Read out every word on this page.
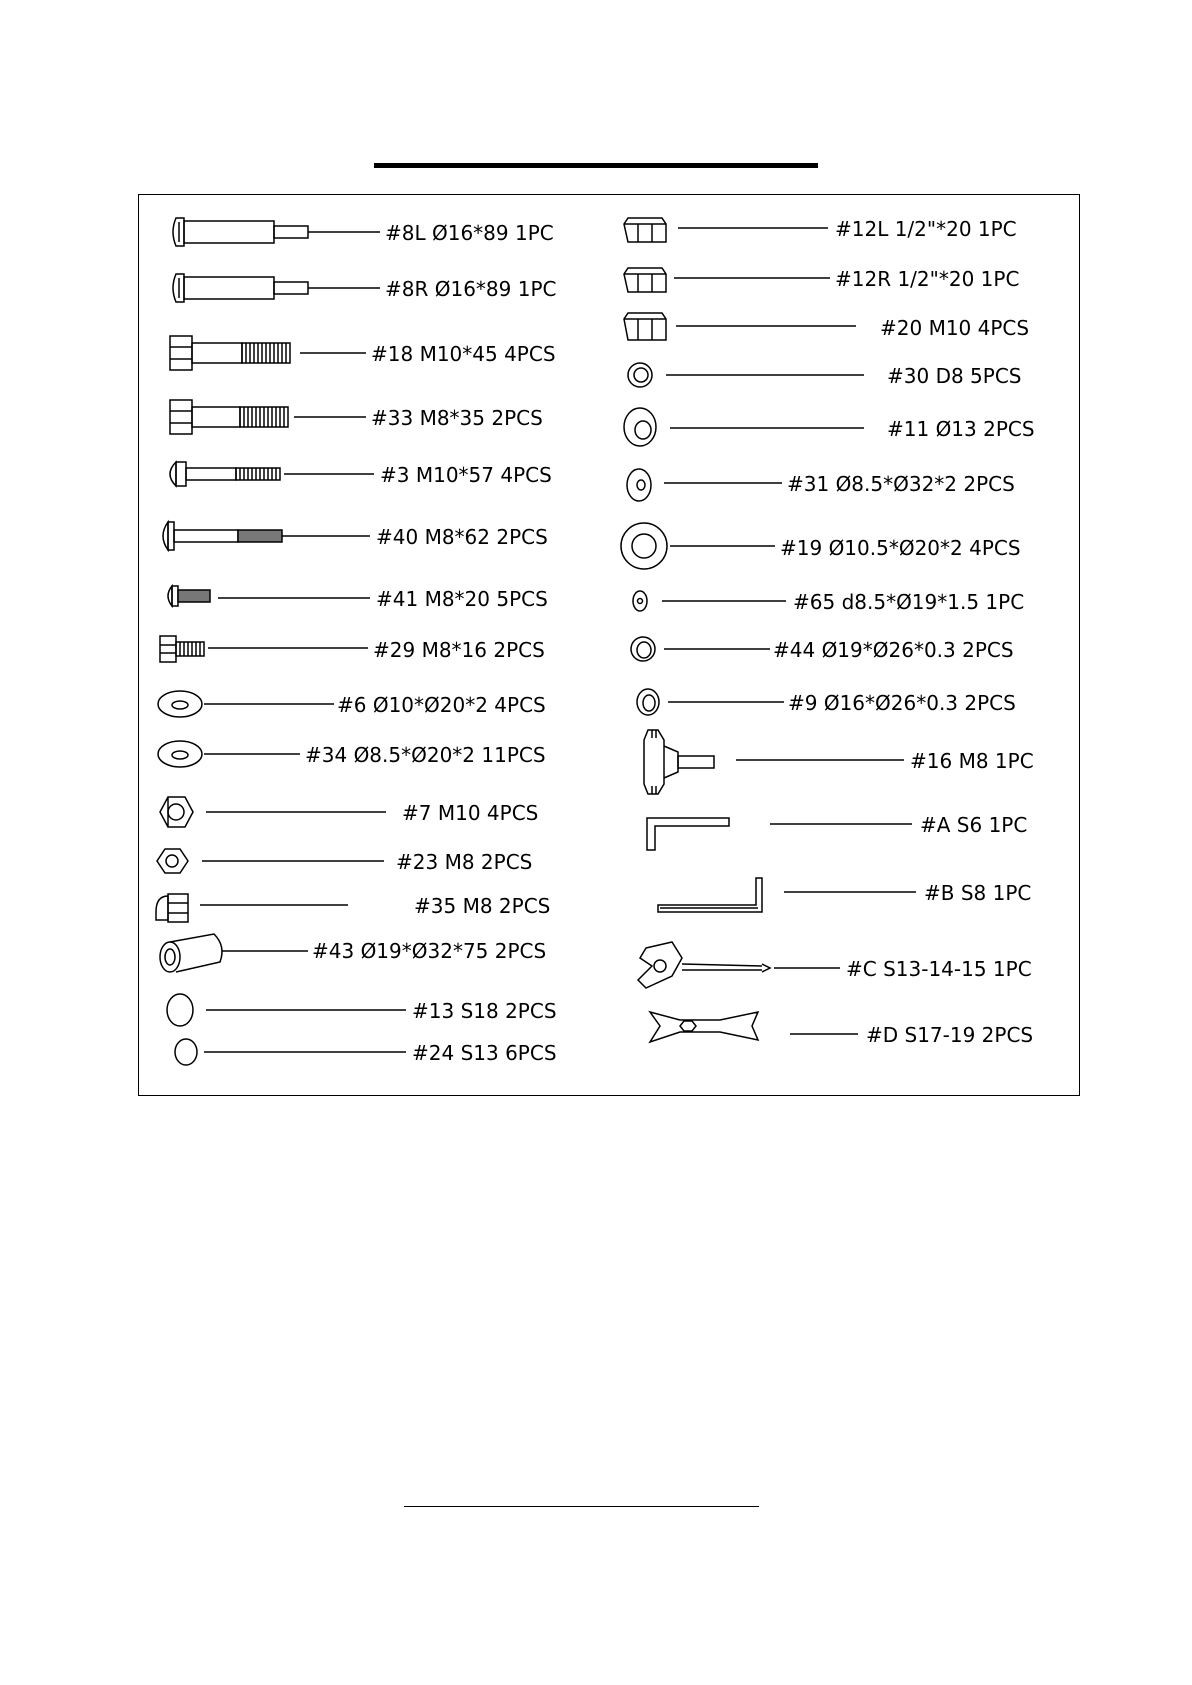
#8L Ø16*89 1PC
#8R Ø16*89 1PC
#18 M10*45 4PCS
#33 M8*35 2PCS
#3 M10*57 4PCS
#40 M8*62 2PCS
#41 M8*20 5PCS
#29 M8*16 2PCS
#6 Ø10*Ø20*2 4PCS
#34 Ø8.5*Ø20*2 11PCS
#7 M10 4PCS
#23 M8 2PCS
#35 M8 2PCS
#43 Ø19*Ø32*75 2PCS
#13 S18 2PCS
#24 S13 6PCS
#12L 1/2"*20 1PC
#12R 1/2"*20 1PC
#20 M10 4PCS
#30 D8 5PCS
#11 Ø13 2PCS
#31 Ø8.5*Ø32*2 2PCS
#19 Ø10.5*Ø20*2 4PCS
#65 d8.5*Ø19*1.5 1PC
#44 Ø19*Ø26*0.3 2PCS
#9 Ø16*Ø26*0.3 2PCS
#16 M8 1PC
#A S6 1PC
#B S8 1PC
#C S13-14-15 1PC
#D S17-19 2PCS
